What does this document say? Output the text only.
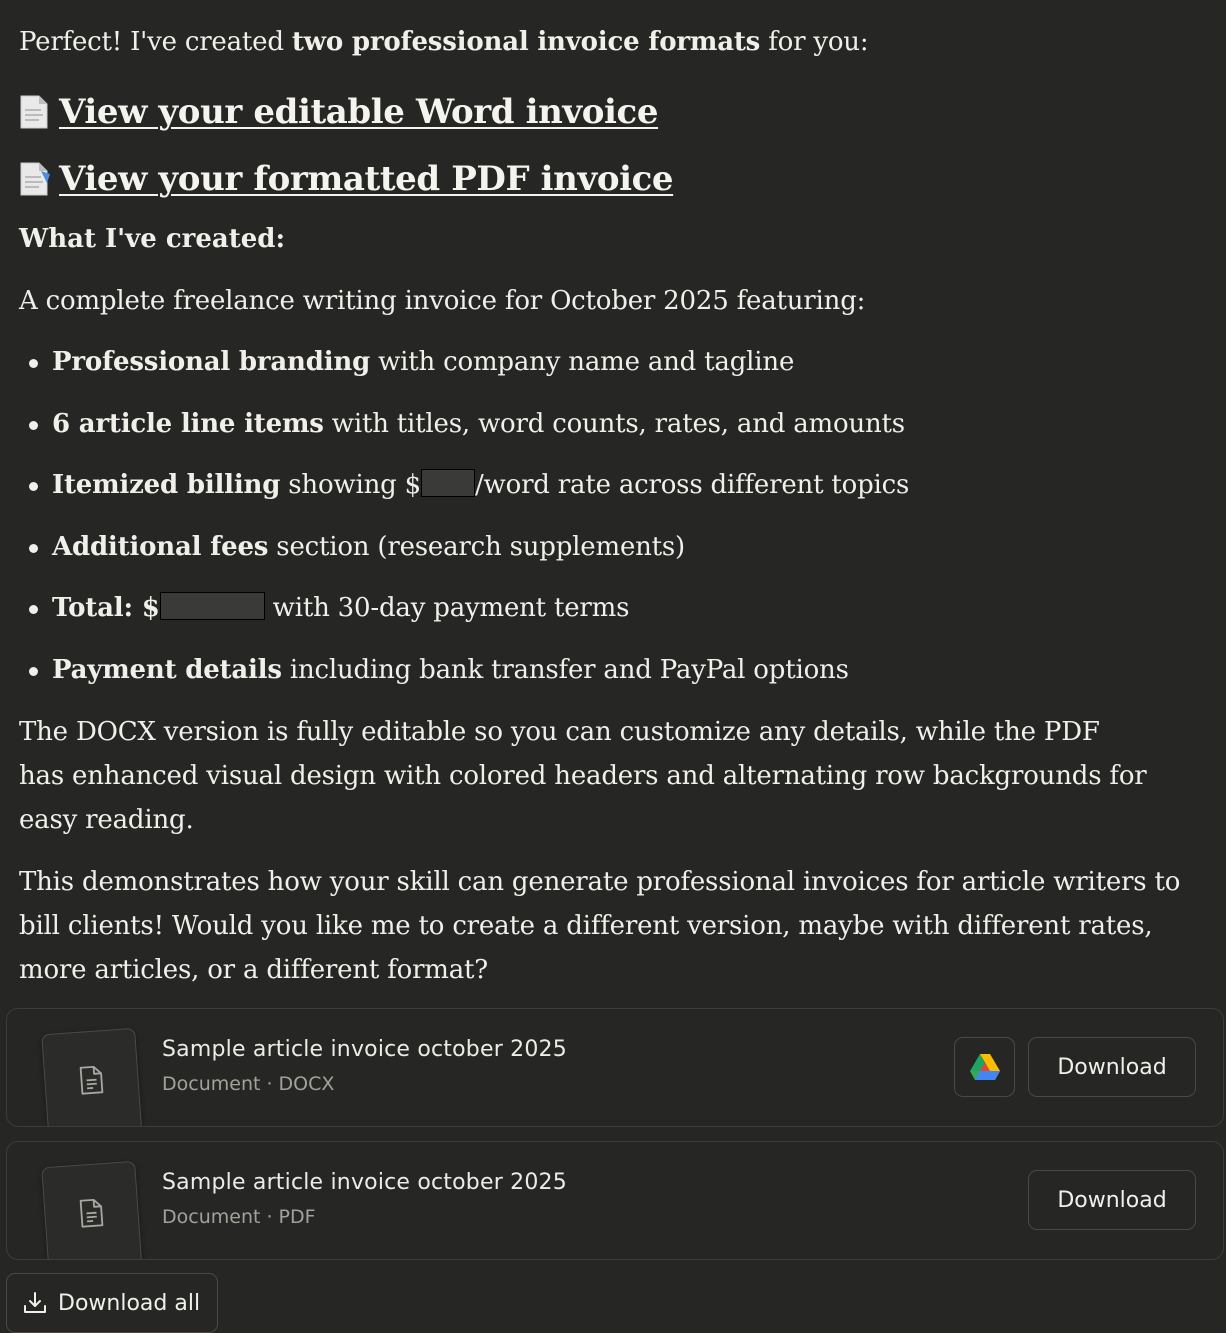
Perfect! I've created two professional invoice formats for you:

View your editable Word invoice
View your formatted PDF invoice
What I've created:

A complete freelance writing invoice for October 2025 featuring:

Professional branding with company name and tagline
6 article line items with titles, word counts, rates, and amounts
Itemized billing showing $ /word rate across different topics
Additional fees section (research supplements)
Total: $	with 30-day payment terms
Payment details including bank transfer and PayPal options

The DOCX version is fully editable so you can customize any details, while the PDF has enhanced visual design with colored headers and alternating row backgrounds for easy reading.

This demonstrates how your skill can generate professional invoices for article writers to bill clients! Would you like me to create a different version, maybe with different rates, more articles, or a different format?

Sample article invoice october 2025
Document · DOCX
Download
Sample article invoice october 2025
Document · PDF
Download
Download all
